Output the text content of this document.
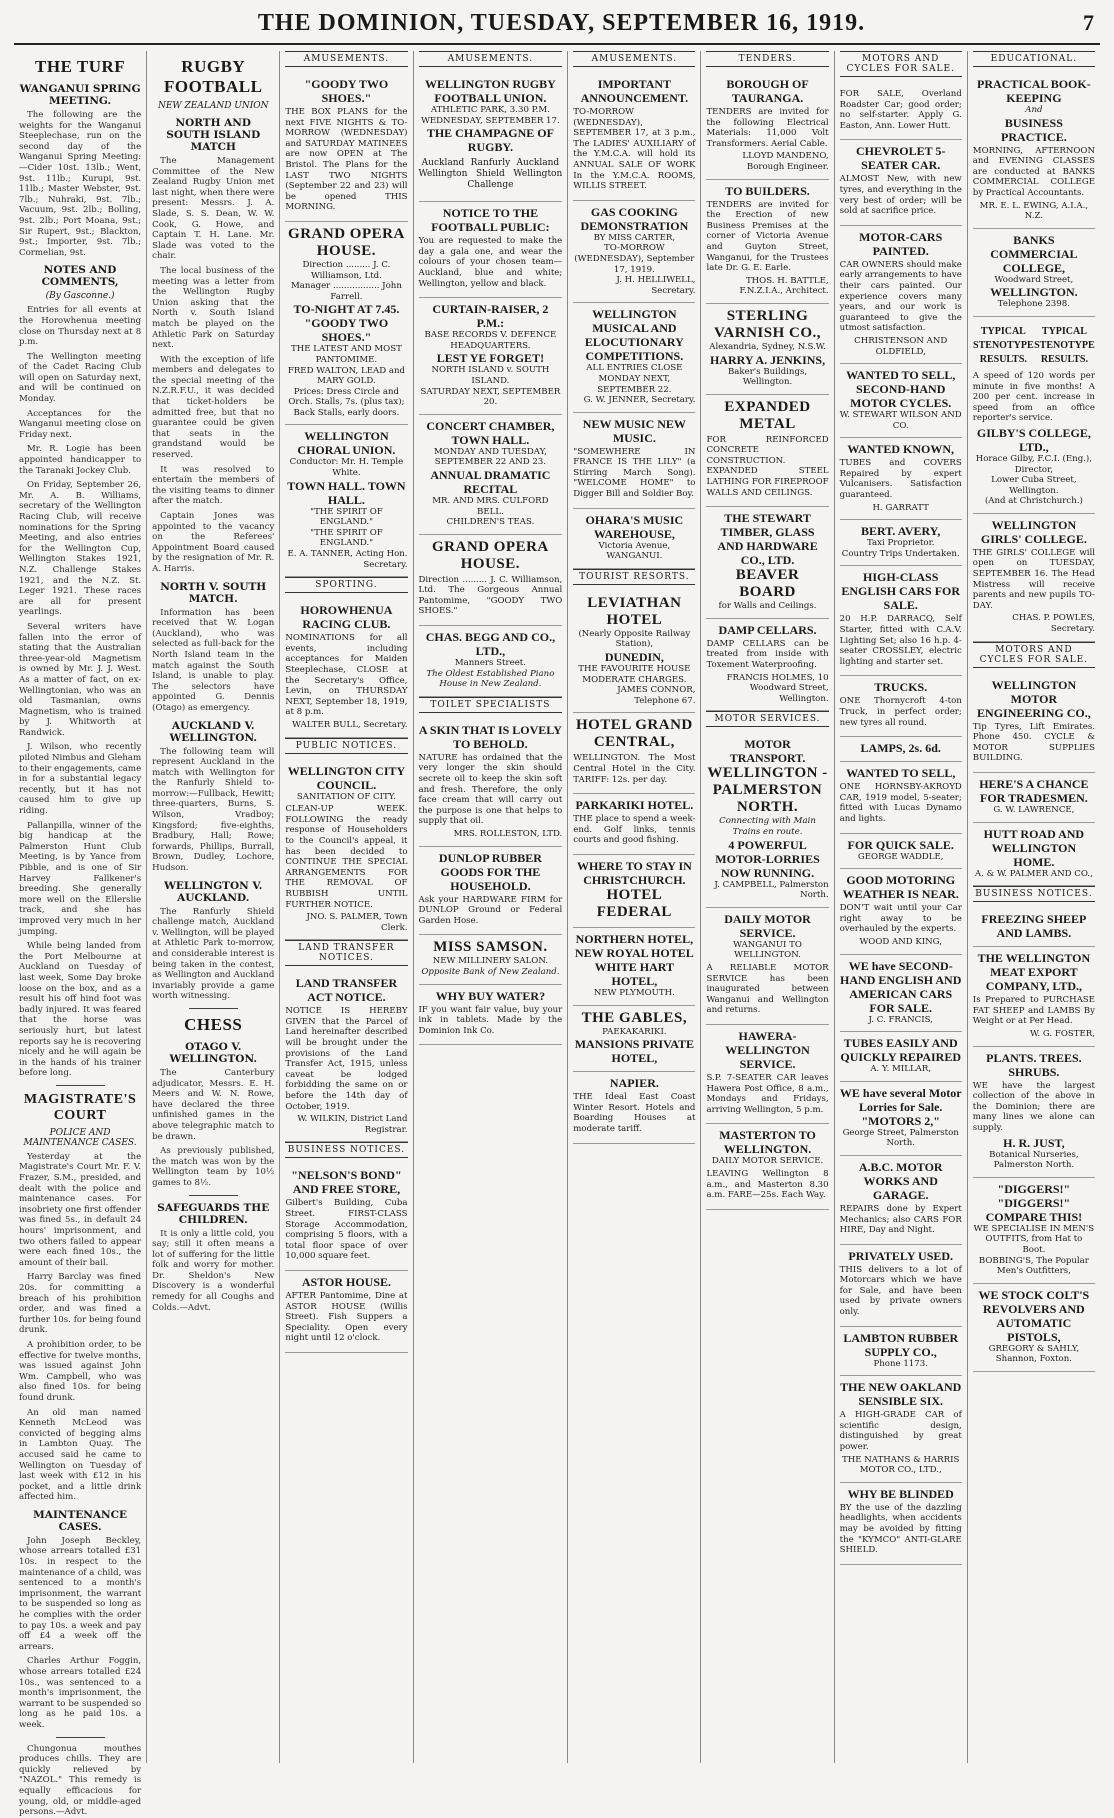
THE DOMINION, TUESDAY, SEPTEMBER 16, 1919.	7
THE TURF
WANGANUI SPRING MEETING.

The following are the weights for the Wanganui Steeplechase, run on the second day of the Wanganui Spring Meeting:—Cider 10st. 13lb.; Went, 9st. 11lb.; Kurupi, 9st. 11lb.; Master Webster, 9st. 7lb.; Nuhraki, 9st. 7lb.; Vacuum, 9st. 2lb.; Bolling, 9st. 2lb.; Port Moana, 9st.; Sir Rupert, 9st.; Blackton, 9st.; Importer, 9st. 7lb.; Cormelian, 9st.

NOTES AND COMMENTS,
(By Gasconne.)

Entries for all events at the Horowhenua meeting close on Thursday next at 8 p.m.

The Wellington meeting of the Cadet Racing Club will open on Saturday next, and will be continued on Monday.

Acceptances for the Wanganui meeting close on Friday next.

Mr. R. Logie has been appointed handicapper to the Taranaki Jockey Club.

On Friday, September 26, Mr. A. B. Williams, secretary of the Wellington Racing Club, will receive nominations for the Spring Meeting, and also entries for the Wellington Cup, Wellington Stakes 1921, N.Z. Challenge Stakes 1921, and the N.Z. St. Leger 1921. These races are all for present yearlings.

Several writers have fallen into the error of stating that the Australian three-year-old Magnetism is owned by Mr. J. J. West. As a matter of fact, on ex-Wellingtonian, who was an old Tasmanian, owns Magnetism, who is trained by J. Whitworth at Randwick.

J. Wilson, who recently piloted Nimbus and Gleham to their engagements, came in for a substantial legacy recently, but it has not caused him to give up riding.

Pallanpilla, winner of the big handicap at the Palmerston Hunt Club Meeting, is by Yance from Pibble, and is one of Sir Harvey Fallkener's breeding. She generally more well on the Ellerslie track, and she has improved very much in her jumping.

While being landed from the Port Melbourne at Auckland on Tuesday of last week, Some Day broke loose on the box, and as a result his off hind foot was badly injured. It was feared that the horse was seriously hurt, but latest reports say he is recovering nicely and he will again be in the hands of his trainer before long.

MAGISTRATE'S COURT
POLICE AND MAINTENANCE CASES.

Yesterday at the Magistrate's Court Mr. F. V. Frazer, S.M., presided, and dealt with the police and maintenance cases. For insobriety one first offender was fined 5s., in default 24 hours' imprisonment, and two others failed to appear were each fined 10s., the amount of their bail.

Harry Barclay was fined 20s. for committing a breach of his prohibition order, and was fined a further 10s. for being found drunk.

A prohibition order, to be effective for twelve months, was issued against John Wm. Campbell, who was also fined 10s. for being found drunk.

An old man named Kenneth McLeod was convicted of begging alms in Lambton Quay. The accused said he came to Wellington on Tuesday of last week with £12 in his pocket, and a little drink affected him.

MAINTENANCE CASES.

John Joseph Beckley, whose arrears totalled £31 10s. in respect to the maintenance of a child, was sentenced to a month's imprisonment, the warrant to be suspended so long as he complies with the order to pay 10s. a week and pay off £4 a week off the arrears.

Charles Arthur Foggin, whose arrears totalled £24 10s., was sentenced to a month's imprisonment, the warrant to be suspended so long as he paid 10s. a week.

Chungonua mouthes produces chills. They are quickly relieved by "NAZOL." This remedy is equally efficacious for young, old, or middle-aged persons.—Advt.

RUGBY FOOTBALL
NEW ZEALAND UNION
NORTH AND SOUTH ISLAND MATCH

The Management Committee of the New Zealand Rugby Union met last night, when there were present: Messrs. J. A. Slade, S. S. Dean, W. W. Cook, G. Howe, and Captain T. H. Lane. Mr. Slade was voted to the chair.

The local business of the meeting was a letter from the Wellington Rugby Union asking that the North v. South Island match be played on the Athletic Park on Saturday next.

With the exception of life members and delegates to the special meeting of the N.Z.R.F.U., it was decided that ticket-holders be admitted free, but that no guarantee could be given that seats in the grandstand would be reserved.

It was resolved to entertain the members of the visiting teams to dinner after the match.

Captain Jones was appointed to the vacancy on the Referees' Appointment Board caused by the resignation of Mr. R. A. Harris.

NORTH V. SOUTH MATCH.

Information has been received that W. Logan (Auckland), who was selected as full-back for the North Island team in the match against the South Island, is unable to play. The selectors have appointed G. Dennis (Otago) as emergency.

AUCKLAND V. WELLINGTON.

The following team will represent Auckland in the match with Wellington for the Ranfurly Shield to-morrow:—Fullback, Hewitt; three-quarters, Burns, S. Wilson, Vradboy; Kingsford; five-eighths, Bradbury, Hall; Rowe; forwards, Phillips, Burrall, Brown, Dudley, Lochore, Hudson.

WELLINGTON V. AUCKLAND.

The Ranfurly Shield challenge match, Auckland v. Wellington, will be played at Athletic Park to-morrow, and considerable interest is being taken in the contest, as Wellington and Auckland invariably provide a game worth witnessing.

CHESS
OTAGO V. WELLINGTON.

The Canterbury adjudicator, Messrs. E. H. Meers and W. N. Rowe, have declared the three unfinished games in the above telegraphic match to be drawn.

As previously published, the match was won by the Wellington team by 10½ games to 8½.

SAFEGUARDS THE CHILDREN.

It is only a little cold, you say; still it often means a lot of suffering for the little folk and worry for mother. Dr. Sheldon's New Discovery is a wonderful remedy for all Coughs and Colds.—Advt.

AMUSEMENTS.
"GOODY TWO SHOES."

THE BOX PLANS for the next FIVE NIGHTS & TO-MORROW (WEDNESDAY) and SATURDAY MATINEES are now OPEN at The Bristol. The Plans for the LAST TWO NIGHTS (September 22 and 23) will be opened THIS MORNING.

GRAND OPERA HOUSE.
Direction ......... J. C. Williamson, Ltd.
Manager ................. John Farrell.
TO-NIGHT AT 7.45.
"GOODY TWO SHOES."
THE LATEST AND MOST PANTOMIME.
FRED WALTON, LEAD and MARY GOLD.
Prices: Dress Circle and Orch. Stalls, 7s. (plus tax); Back Stalls, early doors.
WELLINGTON CHORAL UNION.
Conductor: Mr. H. Temple White.
TOWN HALL. TOWN HALL.
"THE SPIRIT OF ENGLAND."
"THE SPIRIT OF ENGLAND."
E. A. TANNER, Acting Hon. Secretary.
SPORTING.
HOROWHENUA RACING CLUB.

NOMINATIONS for all events, including acceptances for Maiden Steeplechase, CLOSE at the Secretary's Office, Levin, on THURSDAY NEXT, September 18, 1919, at 8 p.m.

WALTER BULL, Secretary.
PUBLIC NOTICES.
WELLINGTON CITY COUNCIL.
SANITATION OF CITY.

CLEAN-UP WEEK. FOLLOWING the ready response of Householders to the Council's appeal, it has been decided to CONTINUE THE SPECIAL ARRANGEMENTS FOR THE REMOVAL OF RUBBISH UNTIL FURTHER NOTICE.

JNO. S. PALMER, Town Clerk.
LAND TRANSFER NOTICES.
LAND TRANSFER ACT NOTICE.

NOTICE IS HEREBY GIVEN that the Parcel of Land hereinafter described will be brought under the provisions of the Land Transfer Act, 1915, unless caveat be lodged forbidding the same on or before the 14th day of October, 1919.

W. WILKIN, District Land Registrar.
BUSINESS NOTICES.
"NELSON'S BOND" AND FREE STORE,

Gilbert's Building, Cuba Street. FIRST-CLASS Storage Accommodation, comprising 5 floors, with a total floor space of over 10,000 square feet.

ASTOR HOUSE.

AFTER Pantomime, Dine at ASTOR HOUSE (Willis Street). Fish Suppers a Speciality. Open every night until 12 o'clock.

AMUSEMENTS.
WELLINGTON RUGBY FOOTBALL UNION.
ATHLETIC PARK, 3.30 P.M.
WEDNESDAY, SEPTEMBER 17.
THE CHAMPAGNE OF RUGBY.
Auckland
Wellington
Ranfurly Shield
Challenge
Auckland
Wellington
NOTICE TO THE FOOTBALL PUBLIC:

You are requested to make the day a gala one, and wear the colours of your chosen team—Auckland, blue and white; Wellington, yellow and black.

CURTAIN-RAISER, 2 P.M.:
BASE RECORDS V. DEFENCE HEADQUARTERS.
LEST YE FORGET!
NORTH ISLAND v. SOUTH ISLAND.
SATURDAY NEXT, SEPTEMBER 20.
CONCERT CHAMBER, TOWN HALL.
MONDAY AND TUESDAY, SEPTEMBER 22 AND 23.
ANNUAL DRAMATIC RECITAL
MR. AND MRS. CULFORD BELL.
CHILDREN'S TEAS.
GRAND OPERA HOUSE.

Direction ......... J. C. Williamson, Ltd. The Gorgeous Annual Pantomime, "GOODY TWO SHOES."

CHAS. BEGG AND CO., LTD.,
Manners Street.
The Oldest Established Piano House in New Zealand.
TOILET SPECIALISTS
A SKIN THAT IS LOVELY TO BEHOLD.

NATURE has ordained that the very longer the skin should secrete oil to keep the skin soft and fresh. Therefore, the only face cream that will carry out the purpose is one that helps to supply that oil.

MRS. ROLLESTON, LTD.
DUNLOP RUBBER GOODS FOR THE HOUSEHOLD.

Ask your HARDWARE FIRM for DUNLOP Ground or Federal Garden Hose.

MISS SAMSON.
NEW MILLINERY SALON.
Opposite Bank of New Zealand.
WHY BUY WATER?

IF you want fair value, buy your ink in tablets. Made by the Dominion Ink Co.

AMUSEMENTS.
IMPORTANT ANNOUNCEMENT.

TO-MORROW (WEDNESDAY), SEPTEMBER 17, at 3 p.m., The LADIES' AUXILIARY of the Y.M.C.A. will hold its ANNUAL SALE OF WORK In the Y.M.C.A. ROOMS, WILLIS STREET.

GAS COOKING DEMONSTRATION
BY MISS CARTER,
TO-MORROW (WEDNESDAY), September 17, 1919.
J. H. HELLIWELL, Secretary.
WELLINGTON MUSICAL AND ELOCUTIONARY COMPETITIONS.
ALL ENTRIES CLOSE MONDAY NEXT, SEPTEMBER 22.
G. W. JENNER, Secretary.
NEW MUSIC NEW MUSIC.

"SOMEWHERE IN FRANCE IS THE LILY" (a Stirring March Song). "WELCOME HOME" to Digger Bill and Soldier Boy.

OHARA'S MUSIC WAREHOUSE,
Victoria Avenue, WANGANUI.
TOURIST RESORTS.
LEVIATHAN HOTEL
(Nearly Opposite Railway Station),
DUNEDIN,
THE FAVOURITE HOUSE
MODERATE CHARGES.
JAMES CONNOR, Telephone 67.
HOTEL GRAND CENTRAL,

WELLINGTON. The Most Central Hotel in the City. TARIFF: 12s. per day.

PARKARIKI HOTEL.

THE place to spend a week-end. Golf links, tennis courts and good fishing.

WHERE TO STAY IN CHRISTCHURCH.
HOTEL FEDERAL
NORTHERN HOTEL,
NEW ROYAL HOTEL
WHITE HART HOTEL,
NEW PLYMOUTH.
THE GABLES,
PAEKAKARIKI.
MANSIONS PRIVATE HOTEL,
NAPIER.

THE Ideal East Coast Winter Resort. Hotels and Boarding Houses at moderate tariff.

TENDERS.
BOROUGH OF TAURANGA.

TENDERS are invited for the following Electrical Materials: 11,000 Volt Transformers. Aerial Cable.

LLOYD MANDENO, Borough Engineer.
TO BUILDERS.

TENDERS are invited for the Erection of new Business Premises at the corner of Victoria Avenue and Guyton Street, Wanganui, for the Trustees late Dr. G. E. Earle.

THOS. H. BATTLE, F.N.Z.I.A., Architect.
STERLING VARNISH CO.,
Alexandria, Sydney, N.S.W.
HARRY A. JENKINS,
Baker's Buildings, Wellington.
EXPANDED METAL

FOR REINFORCED CONCRETE CONSTRUCTION. EXPANDED STEEL LATHING FOR FIREPROOF WALLS AND CEILINGS.

THE STEWART TIMBER, GLASS AND HARDWARE CO., LTD.
BEAVER BOARD
for Walls and Ceilings.
DAMP CELLARS.

DAMP CELLARS can be treated from inside with Toxement Waterproofing.

FRANCIS HOLMES, 10 Woodward Street, Wellington.
MOTOR SERVICES.
MOTOR TRANSPORT.
WELLINGTON - PALMERSTON NORTH.
Connecting with Main Trains en route.
4 POWERFUL MOTOR-LORRIES NOW RUNNING.
J. CAMPBELL, Palmerston North.
DAILY MOTOR SERVICE.
WANGANUI TO WELLINGTON.

A RELIABLE MOTOR SERVICE has been inaugurated between Wanganui and Wellington and returns.

HAWERA-WELLINGTON SERVICE.

S.P. 7-SEATER CAR leaves Hawera Post Office, 8 a.m., Mondays and Fridays, arriving Wellington, 5 p.m.

MASTERTON TO WELLINGTON.
DAILY MOTOR SERVICE.

LEAVING Wellington 8 a.m., and Masterton 8.30 a.m. FARE—25s. Each Way.

MOTORS AND CYCLES FOR SALE.

FOR SALE, Overland Roadster Car; good order; no self-starter. Apply G. Easton, Ann. Lower Hutt.

CHEVROLET 5-SEATER CAR.

ALMOST New, with new tyres, and everything in the very best of order; will be sold at sacrifice price.

MOTOR-CARS PAINTED.

CAR OWNERS should make early arrangements to have their cars painted. Our experience covers many years, and our work is guaranteed to give the utmost satisfaction.

CHRISTENSON AND OLDFIELD,
WANTED TO SELL, SECOND-HAND MOTOR CYCLES.
W. STEWART WILSON AND CO.
WANTED KNOWN,

TUBES and COVERS Repaired by expert Vulcanisers. Satisfaction guaranteed.

H. GARRATT
BERT. AVERY,
Taxi Proprietor.
Country Trips Undertaken.
HIGH-CLASS ENGLISH CARS FOR SALE.

20 H.P. DARRACQ, Self Starter, fitted with C.A.V. Lighting Set; also 16 h.p. 4-seater CROSSLEY, electric lighting and starter set.

TRUCKS.

ONE Thornycroft 4-ton Truck, in perfect order; new tyres all round.

LAMPS, 2s. 6d.
WANTED TO SELL,

ONE HORNSBY-AKROYD CAR, 1919 model, 5-seater; fitted with Lucas Dynamo and lights.

FOR QUICK SALE.
GEORGE WADDLE,
GOOD MOTORING WEATHER IS NEAR.

DON'T wait until your Car right away to be overhauled by the experts.

WOOD AND KING,
WE have SECOND-HAND ENGLISH AND AMERICAN CARS FOR SALE.
J. C. FRANCIS,
TUBES EASILY AND QUICKLY REPAIRED
A. Y. MILLAR,
WE have several Motor Lorries for Sale.
"MOTORS 2,"
George Street, Palmerston North.
A.B.C. MOTOR WORKS AND GARAGE.

REPAIRS done by Expert Mechanics; also CARS FOR HIRE, Day and Night.

PRIVATELY USED.

THIS delivers to a lot of Motorcars which we have for Sale, and have been used by private owners only.

LAMBTON RUBBER SUPPLY CO.,
Phone 1173.
THE NEW OAKLAND SENSIBLE SIX.

A HIGH-GRADE CAR of scientific design, distinguished by great power.

THE NATHANS & HARRIS MOTOR CO., LTD.,
WHY BE BLINDED

BY the use of the dazzling headlights, when accidents may be avoided by fitting the "KYMCO" ANTI-GLARE SHIELD.

EDUCATIONAL.
PRACTICAL BOOK-KEEPING
And
BUSINESS PRACTICE.

MORNING, AFTERNOON and EVENING CLASSES are conducted at BANKS COMMERCIAL COLLEGE by Practical Accountants.

MR. E. L. EWING, A.I.A., N.Z.
BANKS COMMERCIAL COLLEGE,
Woodward Street,
WELLINGTON.
Telephone 2398.
TYPICAL STENOTYPE RESULTS.
TYPICAL STENOTYPE RESULTS.

A speed of 120 words per minute in five months! A 200 per cent. increase in speed from an office reporter's service.

GILBY'S COLLEGE, LTD.,
Horace Gilby, F.C.I. (Eng.), Director,
Lower Cuba Street, Wellington.
(And at Christchurch.)
WELLINGTON GIRLS' COLLEGE.

THE GIRLS' COLLEGE will open on TUESDAY, SEPTEMBER 16. The Head Mistress will receive parents and new pupils TO-DAY.

CHAS. P. POWLES, Secretary.
MOTORS AND CYCLES FOR SALE.
WELLINGTON MOTOR ENGINEERING CO.,

Tip Tyres, Lift Emirates. Phone 450. CYCLE & MOTOR SUPPLIES BUILDING.

HERE'S A CHANCE FOR TRADESMEN.
G. W. LAWRENCE,
HUTT ROAD AND WELLINGTON HOME.
A. & W. PALMER AND CO.,
BUSINESS NOTICES.
FREEZING SHEEP AND LAMBS.
THE WELLINGTON MEAT EXPORT COMPANY, LTD.,

Is Prepared to PURCHASE FAT SHEEP and LAMBS By Weight or at Per Head.

W. G. FOSTER,
PLANTS. TREES. SHRUBS.

WE have the largest collection of the above in the Dominion; there are many lines we alone can supply.

H. R. JUST,
Botanical Nurseries,
Palmerston North.
"DIGGERS!" "DIGGERS!"
COMPARE THIS!
WE SPECIALISE IN MEN'S OUTFITS, from Hat to Boot.
BOBBING'S, The Popular Men's Outfitters,
WE STOCK COLT'S REVOLVERS AND AUTOMATIC PISTOLS,
GREGORY & SAHLY,
Shannon, Foxton.
